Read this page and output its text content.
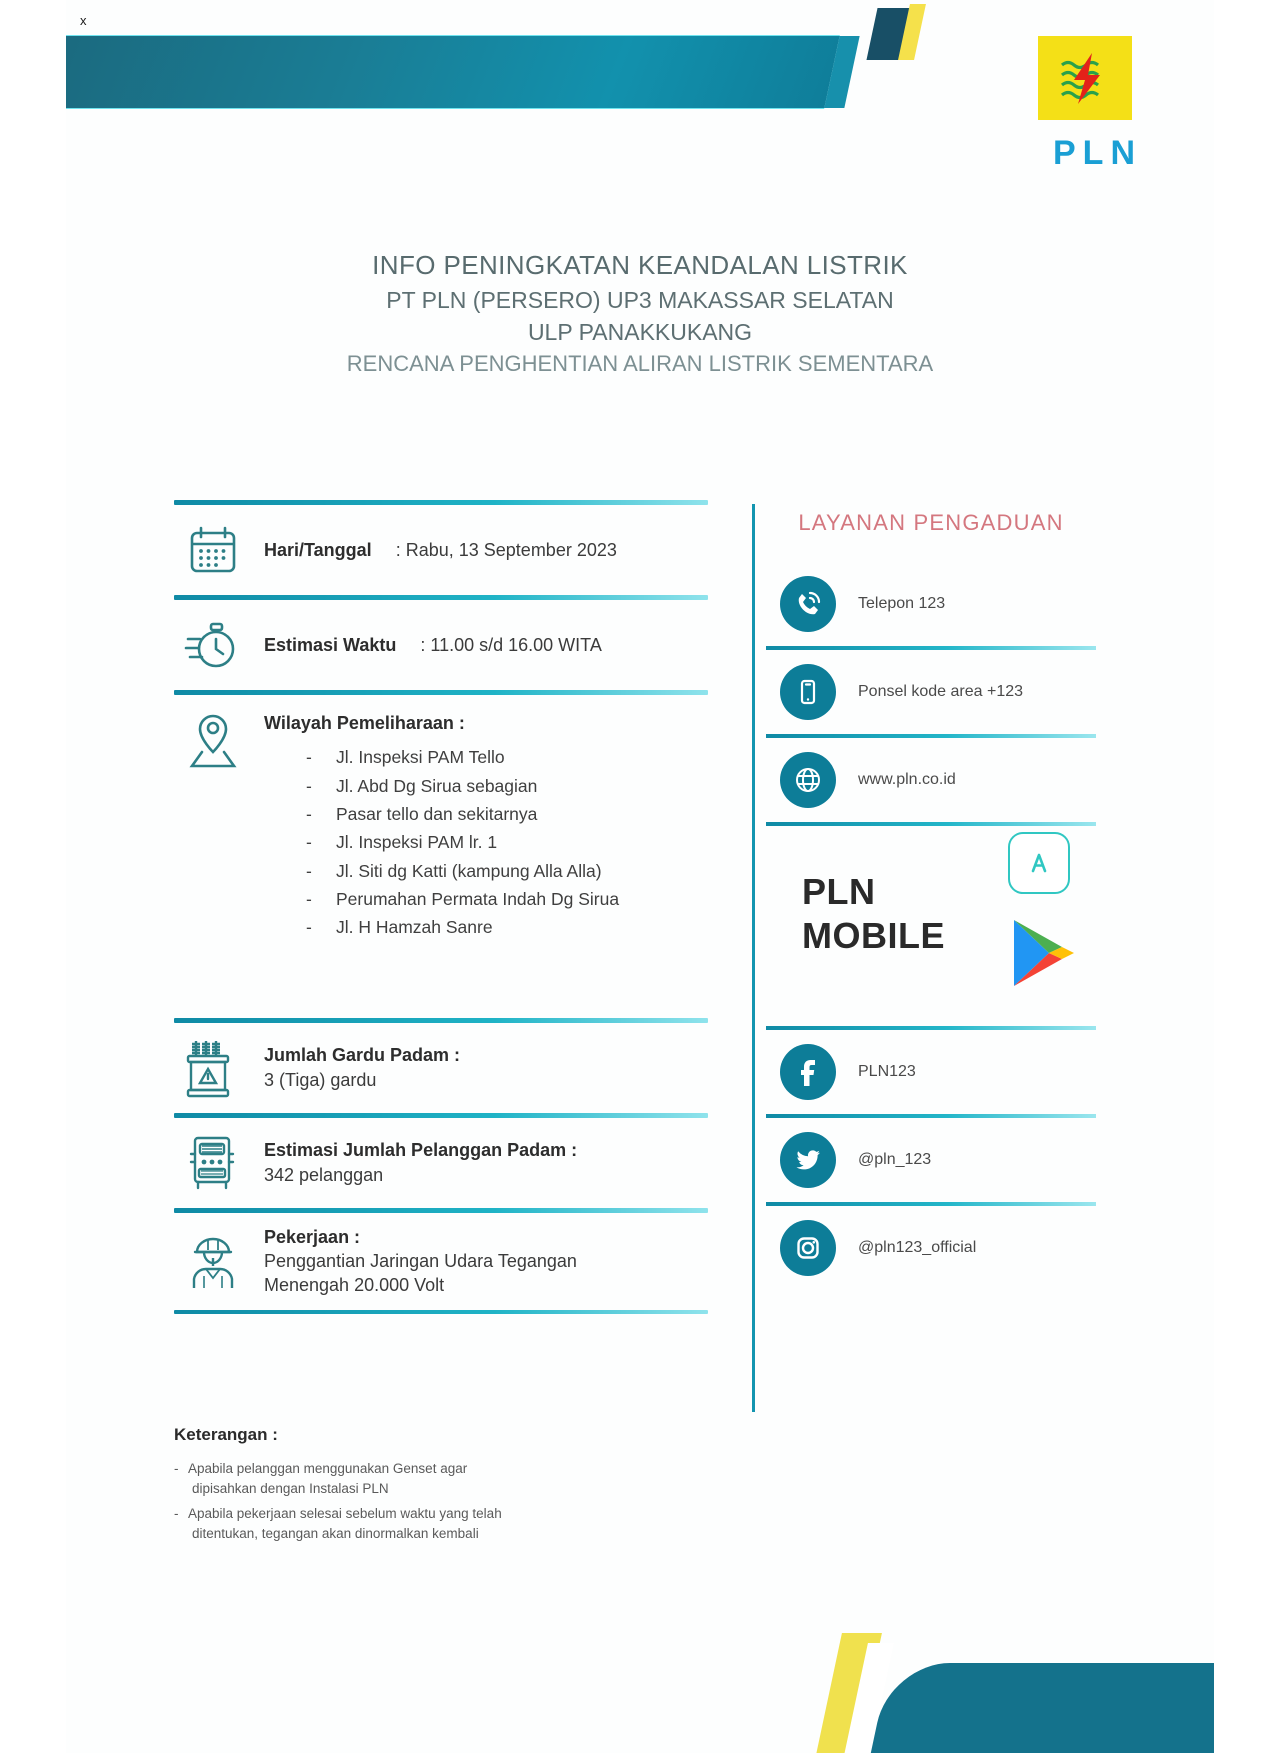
x
PLN
INFO PENINGKATAN KEANDALAN LISTRIK
PT PLN (PERSERO) UP3 MAKASSAR SELATAN
ULP PANAKKUKANG
RENCANA PENGHENTIAN ALIRAN LISTRIK SEMENTARA
Hari/Tanggal : Rabu, 13 September 2023
Estimasi Waktu : 11.00 s/d 16.00 WITA
Wilayah Pemeliharaan :
- Jl. Inspeksi PAM Tello
- Jl. Abd Dg Sirua sebagian
- Pasar tello dan sekitarnya
- Jl. Inspeksi PAM lr. 1
- Jl. Siti dg Katti (kampung Alla Alla)
- Perumahan Permata Indah Dg Sirua
- Jl. H Hamzah Sanre
Jumlah Gardu Padam :
3 (Tiga) gardu
Estimasi Jumlah Pelanggan Padam :
342 pelanggan
Pekerjaan :
Penggantian Jaringan Udara Tegangan
Menengah 20.000 Volt
LAYANAN PENGADUAN
Telepon 123
Ponsel kode area +123
www.pln.co.id
PLN
MOBILE
PLN123
@pln_123
@pln123_official
Keterangan :
- Apabila pelanggan menggunakan Genset agar
dipisahkan dengan Instalasi PLN
- Apabila pekerjaan selesai sebelum waktu yang telah
ditentukan, tegangan akan dinormalkan kembali
